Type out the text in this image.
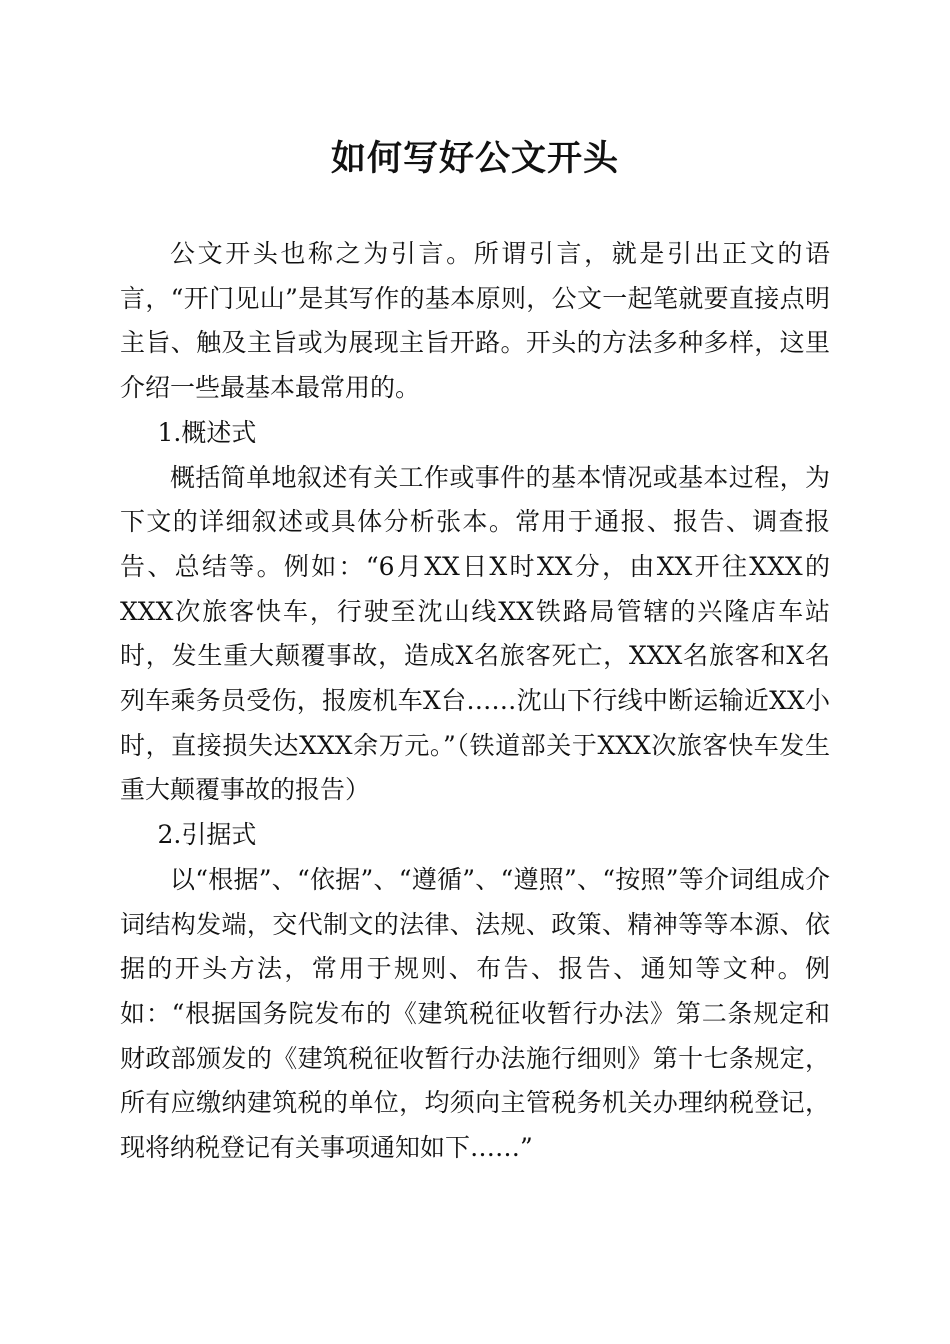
如何写好公文开头

公文开头也称之为引言。所谓引言，就是引出正文的语言，“开门见山”是其写作的基本原则，公文一起笔就要直接点明主旨、触及主旨或为展现主旨开路。开头的方法多种多样，这里介绍一些最基本最常用的。

1.概述式

概括简单地叙述有关工作或事件的基本情况或基本过程，为下文的详细叙述或具体分析张本。常用于通报、报告、调查报告、总结等。例如：“6月XX日X时XX分，由XX开往XXX的XXX次旅客快车，行驶至沈山线XX铁路局管辖的兴隆店车站时，发生重大颠覆事故，造成X名旅客死亡，XXX名旅客和X名列车乘务员受伤，报废机车X台……沈山下行线中断运输近XX小时，直接损失达XXX余万元。”（铁道部关于XXX次旅客快车发生重大颠覆事故的报告）

2.引据式

以“根据”、“依据”、“遵循”、“遵照”、“按照”等介词组成介词结构发端，交代制文的法律、法规、政策、精神等等本源、依据的开头方法，常用于规则、布告、报告、通知等文种。例如：“根据国务院发布的《建筑税征收暂行办法》第二条规定和财政部颁发的《建筑税征收暂行办法施行细则》第十七条规定，所有应缴纳建筑税的单位，均须向主管税务机关办理纳税登记，现将纳税登记有关事项通知如下……”
